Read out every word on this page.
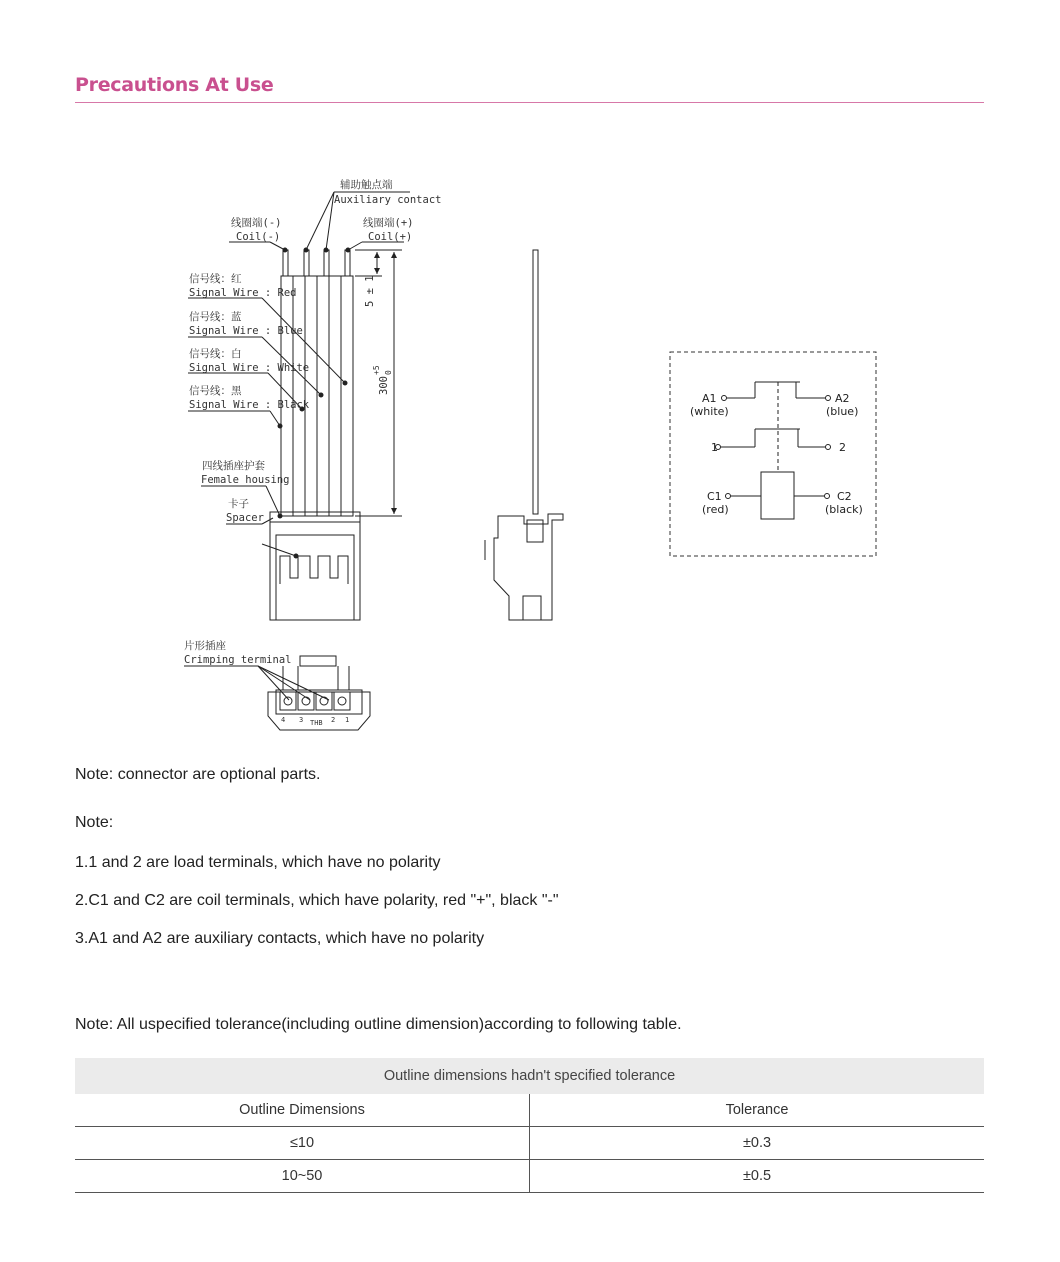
Precautions At Use
辅助触点端
Auxiliary contact
线圈端(-)
Coil(-)
线圈端(+)
Coil(+)
信号线：红
Signal Wire : Red
信号线：蓝
Signal Wire : Blue
信号线：白
Signal Wire : White
信号线：黑
Signal Wire : Black
四线插座护套
Female housing
卡子
Spacer
片形插座
Crimping terminal
5 ± 1
300
+5 0
THB
4 3	2 1
A1
(white)
A2
(blue)
1	2
C1
(red)
C2
(black)
Note: connector are optional parts.
Note:
1.1 and 2 are load terminals, which have no polarity
2.C1 and C2 are coil terminals, which have polarity, red "+", black "-"
3.A1 and A2 are auxiliary contacts, which have no polarity
Note: All uspecified tolerance(including outline dimension)according to following table.
Outline dimensions hadn't specified tolerance	
Outline Dimensions	Tolerance
≤10	±0.3
10~50	±0.5
